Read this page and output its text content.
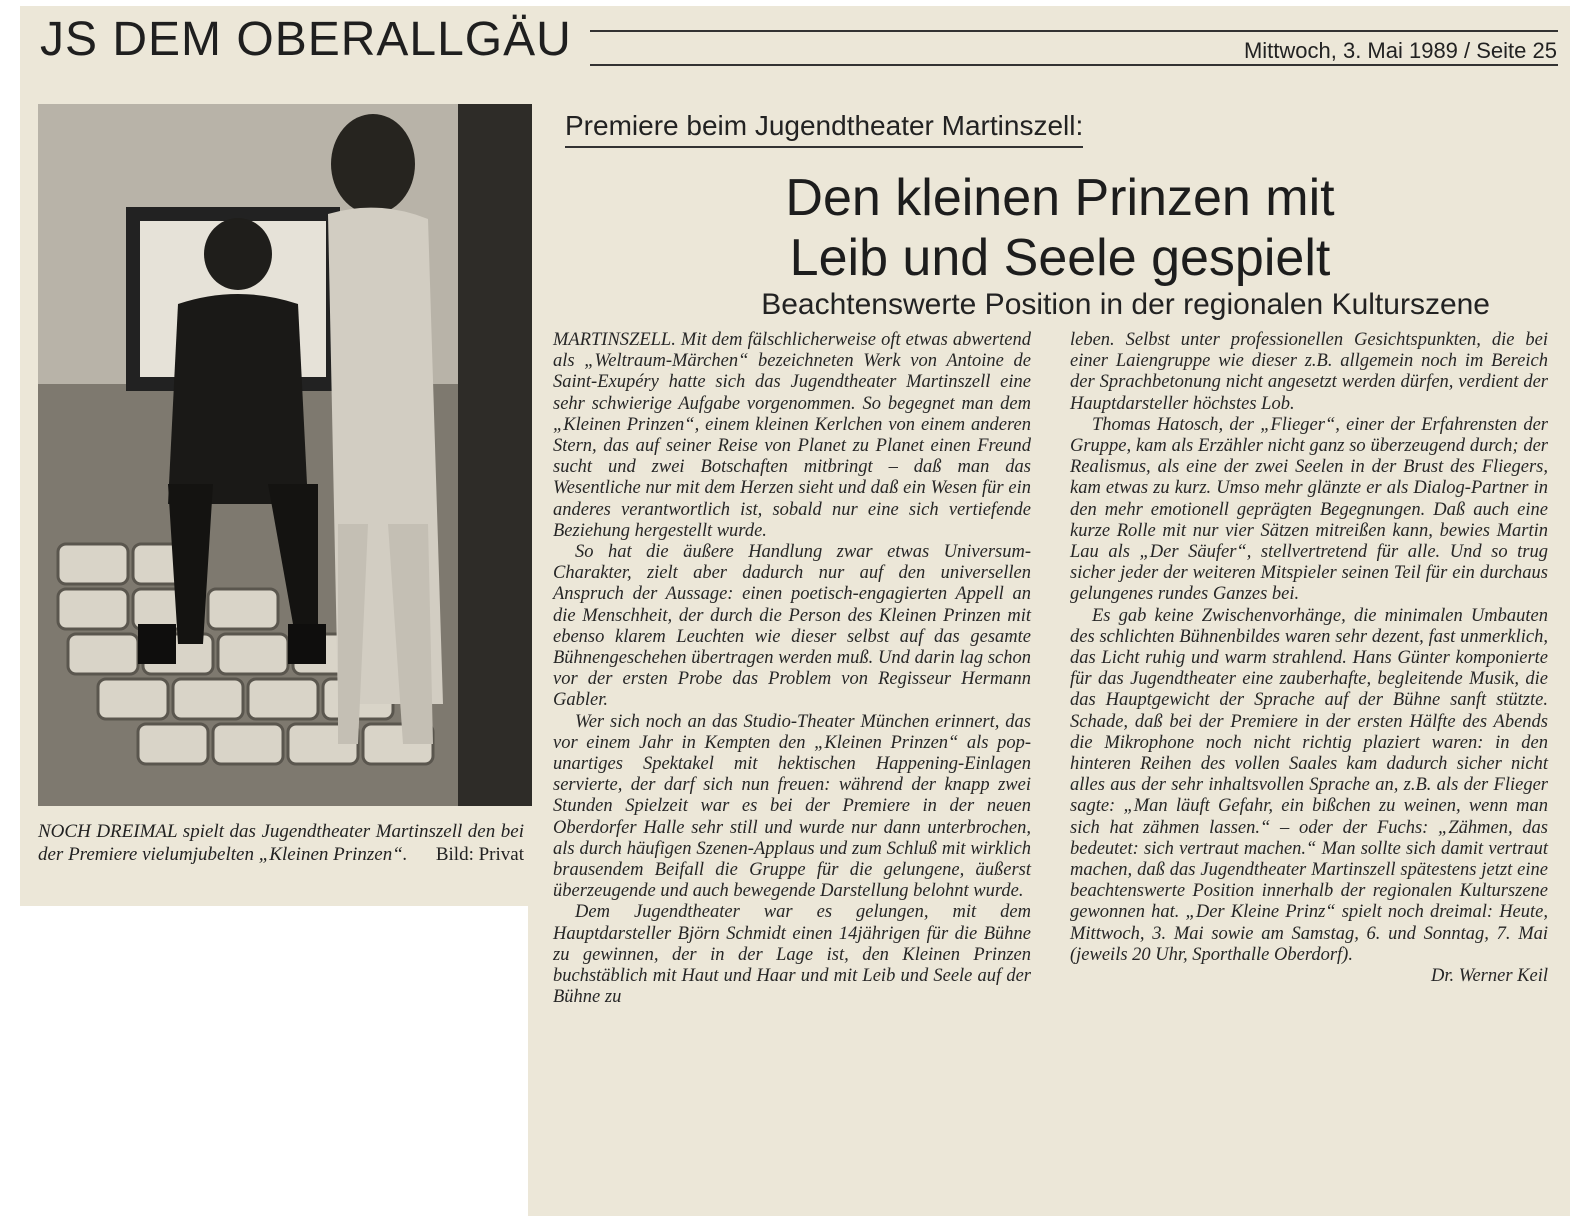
JS DEM OBERALLGÄU	Mittwoch, 3. Mai 1989 / Seite 25
NOCH DREIMAL spielt das Jugendtheater Martinszell den bei der Premiere vielumjubelten „Kleinen Prinzen“. Bild: Privat
Premiere beim Jugendtheater Martinszell:
Den kleinen Prinzen mit
Leib und Seele gespielt
Beachtenswerte Position in der regionalen Kulturszene

MARTINSZELL. Mit dem fälschlicherweise oft etwas abwertend als „Weltraum-Märchen“ bezeichneten Werk von Antoine de Saint-Exupéry hatte sich das Jugendtheater Martinszell eine sehr schwierige Aufgabe vorgenommen. So begegnet man dem „Kleinen Prinzen“, einem kleinen Kerlchen von einem anderen Stern, das auf seiner Reise von Planet zu Planet einen Freund sucht und zwei Botschaften mitbringt – daß man das Wesentliche nur mit dem Herzen sieht und daß ein Wesen für ein anderes verantwortlich ist, sobald nur eine sich vertiefende Beziehung hergestellt wurde.

So hat die äußere Handlung zwar etwas Universum-Charakter, zielt aber dadurch nur auf den universellen Anspruch der Aussage: einen poetisch-engagierten Appell an die Menschheit, der durch die Person des Kleinen Prinzen mit ebenso klarem Leuchten wie dieser selbst auf das gesamte Bühnengeschehen übertragen werden muß. Und darin lag schon vor der ersten Probe das Problem von Regisseur Hermann Gabler.

Wer sich noch an das Studio-Theater München erinnert, das vor einem Jahr in Kempten den „Kleinen Prinzen“ als pop-unartiges Spektakel mit hektischen Happening-Einlagen servierte, der darf sich nun freuen: während der knapp zwei Stunden Spielzeit war es bei der Premiere in der neuen Oberdorfer Halle sehr still und wurde nur dann unterbrochen, als durch häufigen Szenen-Applaus und zum Schluß mit wirklich brausendem Beifall die Gruppe für die gelungene, äußerst überzeugende und auch bewegende Darstellung belohnt wurde.

Dem Jugendtheater war es gelungen, mit dem Hauptdarsteller Björn Schmidt einen 14jährigen für die Bühne zu gewinnen, der in der Lage ist, den Kleinen Prinzen buchstäblich mit Haut und Haar und mit Leib und Seele auf der Bühne zu

leben. Selbst unter professionellen Gesichtspunkten, die bei einer Laiengruppe wie dieser z.B. allgemein noch im Bereich der Sprachbetonung nicht angesetzt werden dürfen, verdient der Hauptdarsteller höchstes Lob.

Thomas Hatosch, der „Flieger“, einer der Erfahrensten der Gruppe, kam als Erzähler nicht ganz so überzeugend durch; der Realismus, als eine der zwei Seelen in der Brust des Fliegers, kam etwas zu kurz. Umso mehr glänzte er als Dialog-Partner in den mehr emotionell geprägten Begegnungen. Daß auch eine kurze Rolle mit nur vier Sätzen mitreißen kann, bewies Martin Lau als „Der Säufer“, stellvertretend für alle. Und so trug sicher jeder der weiteren Mitspieler seinen Teil für ein durchaus gelungenes rundes Ganzes bei.

Es gab keine Zwischenvorhänge, die minimalen Umbauten des schlichten Bühnenbildes waren sehr dezent, fast unmerklich, das Licht ruhig und warm strahlend. Hans Günter komponierte für das Jugendtheater eine zauberhafte, begleitende Musik, die das Hauptgewicht der Sprache auf der Bühne sanft stützte. Schade, daß bei der Premiere in der ersten Hälfte des Abends die Mikrophone noch nicht richtig plaziert waren: in den hinteren Reihen des vollen Saales kam dadurch sicher nicht alles aus der sehr inhaltsvollen Sprache an, z.B. als der Flieger sagte: „Man läuft Gefahr, ein bißchen zu weinen, wenn man sich hat zähmen lassen.“ – oder der Fuchs: „Zähmen, das bedeutet: sich vertraut machen.“ Man sollte sich damit vertraut machen, daß das Jugendtheater Martinszell spätestens jetzt eine beachtenswerte Position innerhalb der regionalen Kulturszene gewonnen hat. „Der Kleine Prinz“ spielt noch dreimal: Heute, Mittwoch, 3. Mai sowie am Samstag, 6. und Sonntag, 7. Mai (jeweils 20 Uhr, Sporthalle Oberdorf).

Dr. Werner Keil
